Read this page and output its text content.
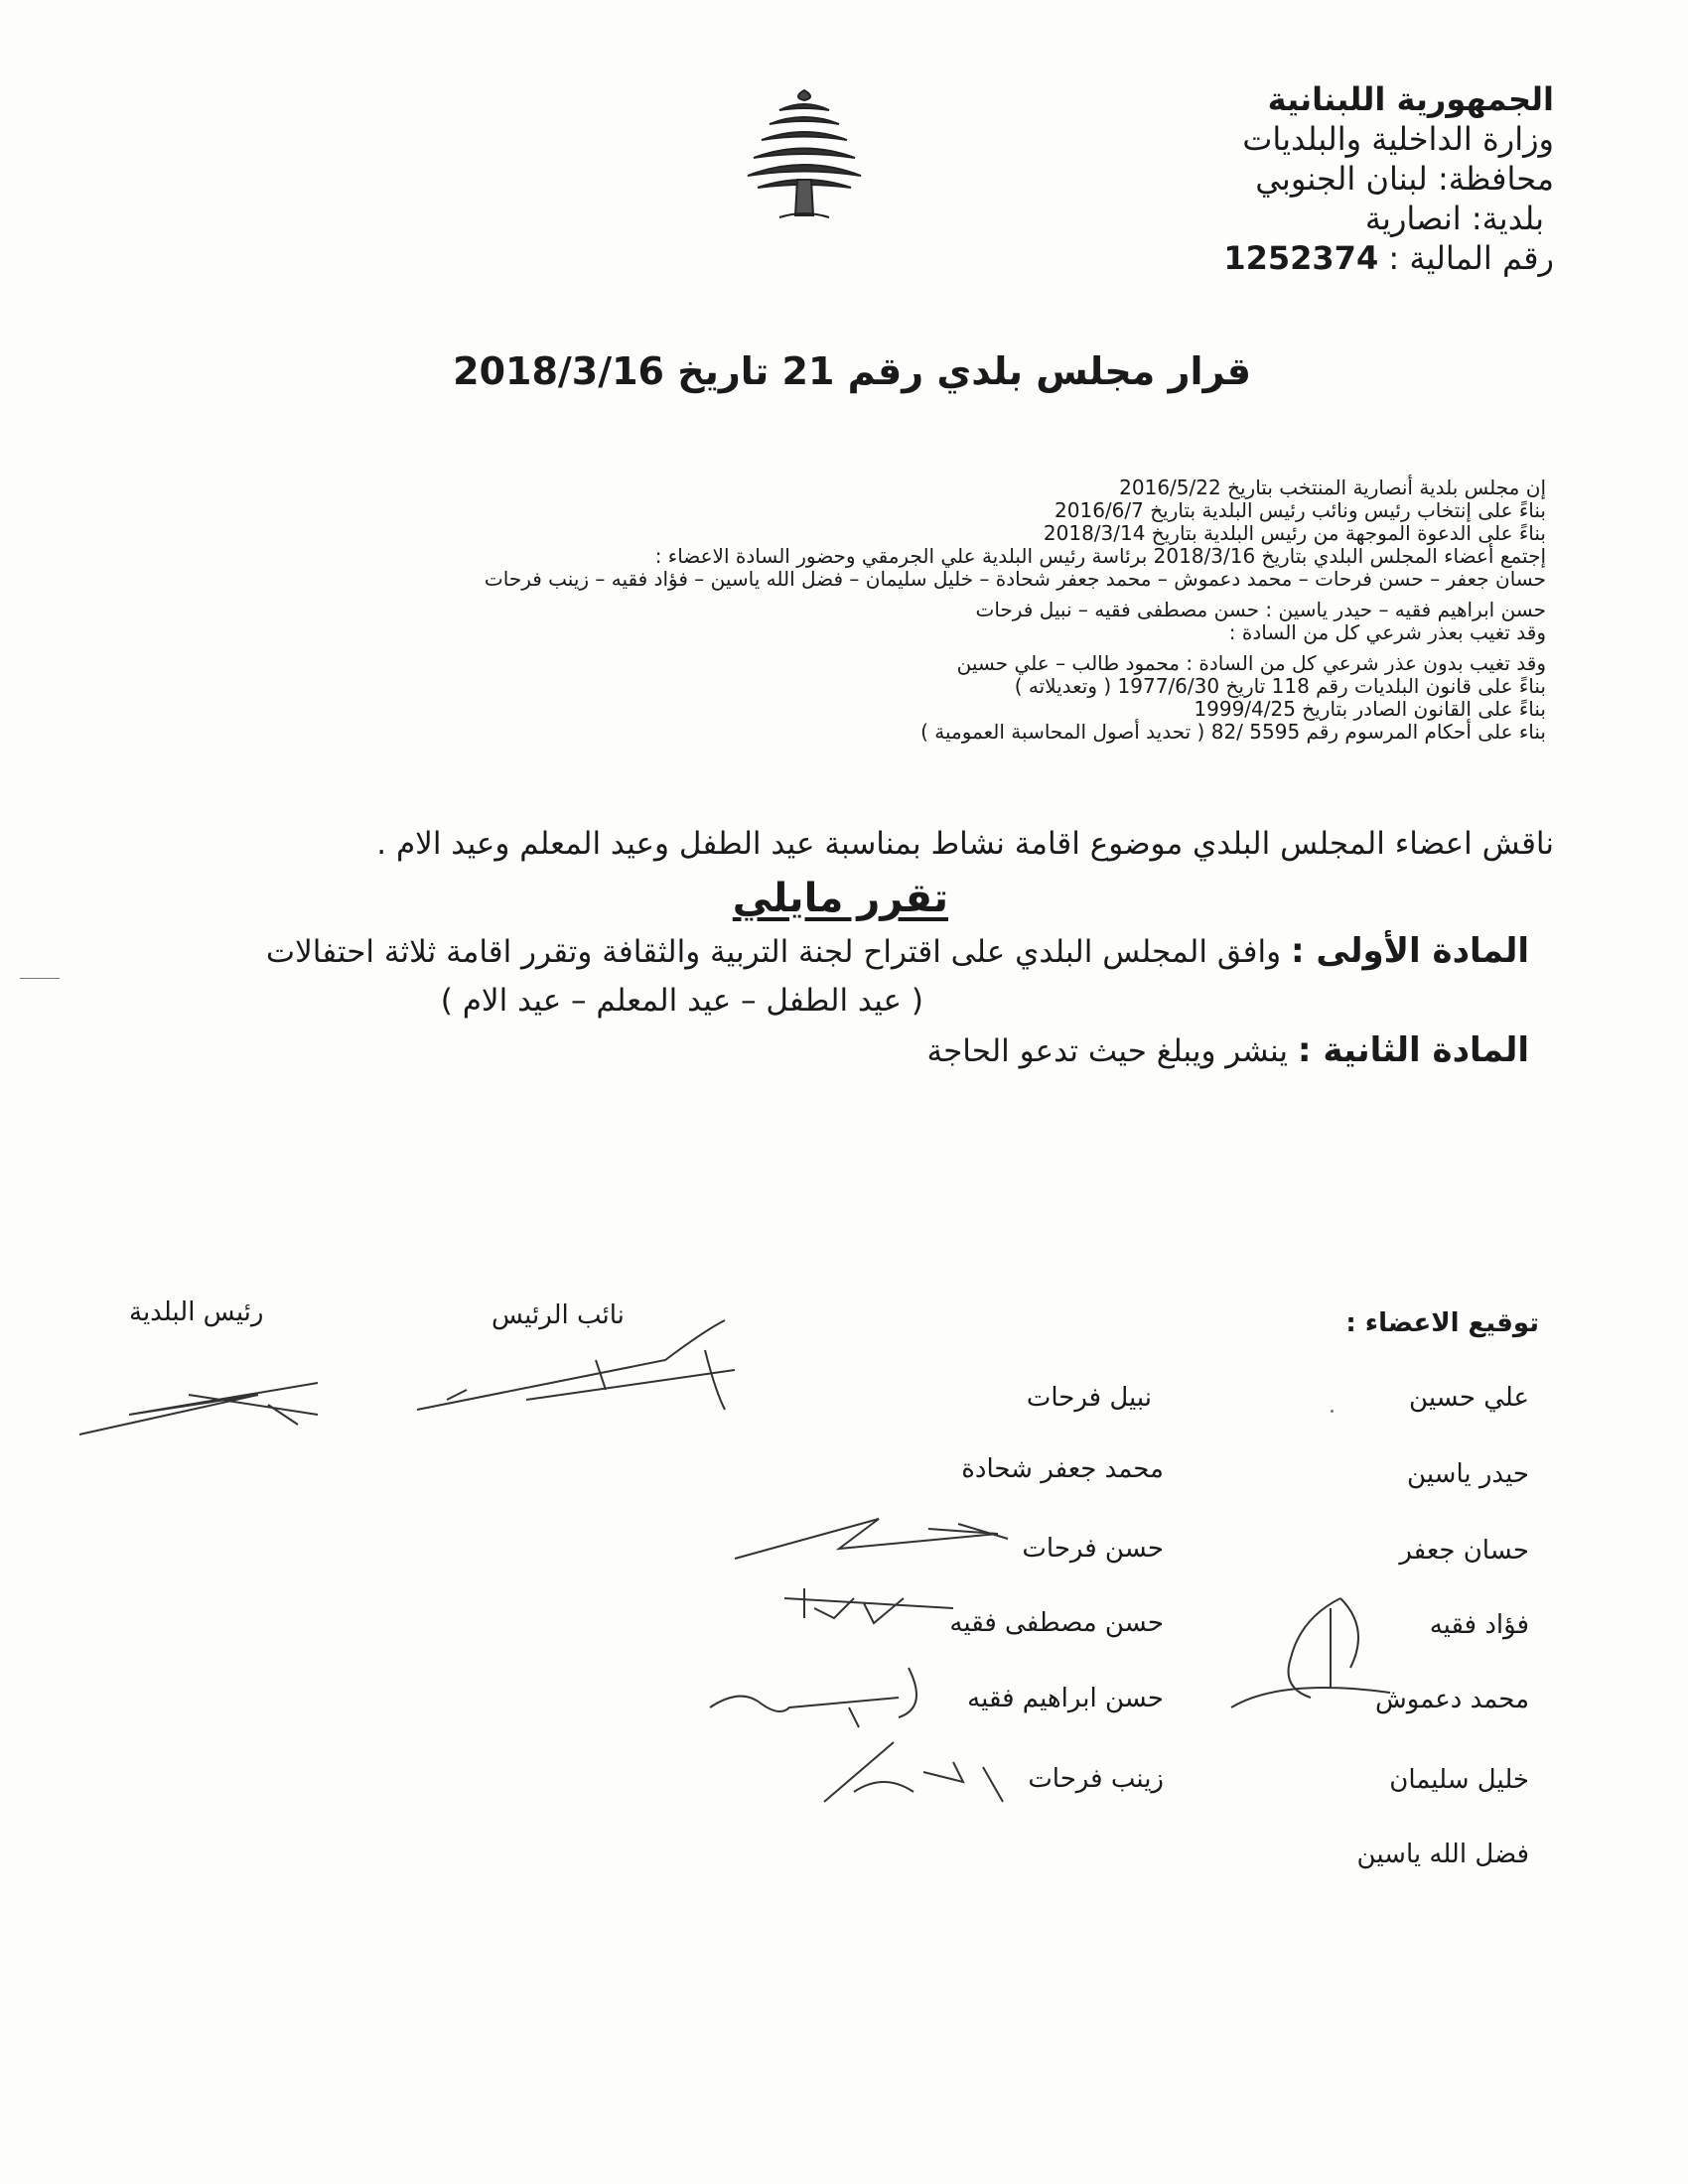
الجمهورية اللبنانية
وزارة الداخلية والبلديات
محافظة: لبنان الجنوبي
بلدية: انصارية
رقم المالية : 1252374
قرار مجلس بلدي رقم 21 تاريخ 2018/3/16
إن مجلس بلدية أنصارية المنتخب بتاريخ 2016/5/22
بناءً على إنتخاب رئيس ونائب رئيس البلدية بتاريخ 2016/6/7
بناءً على الدعوة الموجهة من رئيس البلدية بتاريخ 2018/3/14
إجتمع أعضاء المجلس البلدي بتاريخ 2018/3/16 برئاسة رئيس البلدية علي الجرمقي وحضور السادة الاعضاء :
حسان جعفر – حسن فرحات – محمد دعموش – محمد جعفر شحادة – خليل سليمان – فضل الله ياسين – فؤاد فقيه – زينب فرحات
حسن ابراهيم فقيه – حيدر ياسين : حسن مصطفى فقيه – نبيل فرحات
وقد تغيب بعذر شرعي كل من السادة :
وقد تغيب بدون عذر شرعي كل من السادة : محمود طالب – علي حسين
بناءً على قانون البلديات رقم 118 تاريخ 1977/6/30 ( وتعديلاته )
بناءً على القانون الصادر بتاريخ 1999/4/25
بناء على أحكام المرسوم رقم 5595 /82 ( تحديد أصول المحاسبة العمومية )
ناقش اعضاء المجلس البلدي موضوع اقامة نشاط بمناسبة عيد الطفل وعيد المعلم وعيد الام .
تقرر مايلي
المادة الأولى : وافق المجلس البلدي على اقتراح لجنة التربية والثقافة وتقرر اقامة ثلاثة احتفالات
( عيد الطفل – عيد المعلم – عيد الام )
المادة الثانية : ينشر ويبلغ حيث تدعو الحاجة
رئيس البلدية	نائب الرئيس	توقيع الاعضاء :
علي حسين
حيدر ياسين
حسان جعفر
فؤاد فقيه
محمد دعموش
خليل سليمان
فضل الله ياسين
نبيل فرحات
محمد جعفر شحادة
حسن فرحات
حسن مصطفى فقيه
حسن ابراهيم فقيه
زينب فرحات
